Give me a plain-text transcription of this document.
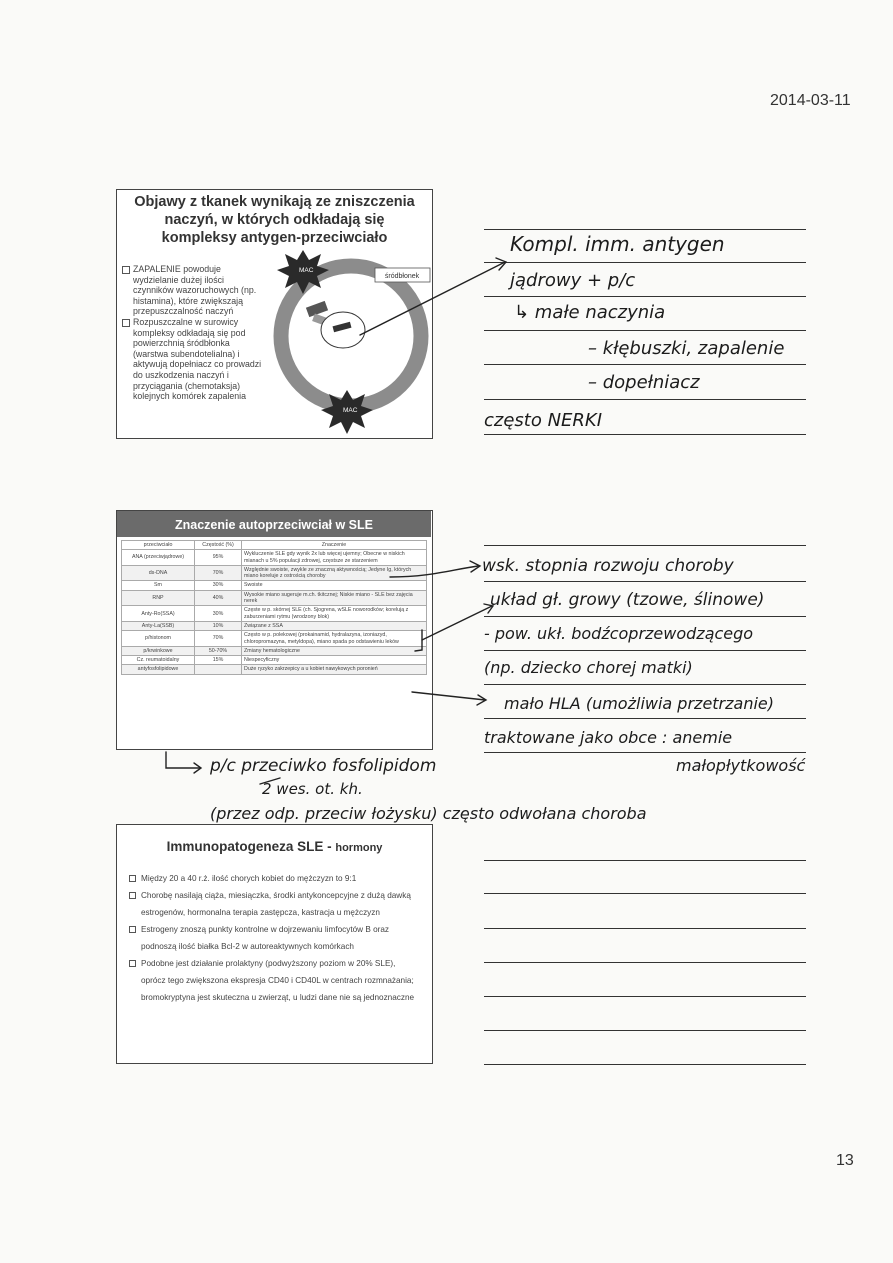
2014-03-11
Objawy z tkanek wynikają ze zniszczenia
naczyń, w których odkładają się
kompleksy antygen-przeciwciało
ZAPALENIE powoduje wydzielanie dużej ilości czynników wazoruchowych (np. histamina), które zwiększają przepuszczalność naczyń
Rozpuszczalne w surowicy kompleksy odkładają się pod powierzchnią śródbłonka (warstwa subendotelialna) i aktywują dopełniacz co prowadzi do uszkodzenia naczyń i przyciągania (chemotaksja) kolejnych komórek zapalenia
MAC
MAC
śródbłonek
Znaczenie autoprzeciwciał w SLE
przeciwciało	Częstość (%)	Znaczenie
ANA (przeciwjądrowe)	95%	Wykluczenie SLE gdy wynik 2x lub więcej ujemny; Obecne w niskich mianach u 5% populacji zdrowej, częstsze ze starzeniem
ds-DNA	70%	Względnie swoiste, zwykle ze znaczną aktywnością; Jedyne Ig, których miano koreluje z ostrością choroby
Sm	30%	Swoiste
RNP	40%	Wysokie miano sugeruje m.ch. tkitcznej; Niskie miano - SLE bez zajęcia nerek
Anty-Ro(SSA)	30%	Częste w p. skórnej SLE (ch. Sjogrena, wSLE noworodków; korelują z zaburzeniami rytmu (wrodzony blok)
Anty-La(SSB)	10%	Związane z SSA
p/histonom	70%	Często w p. polekowej (prokainamid, hydralazyna, izoniazyd, chloropromazyna, metyldopa), miano spada po odstawieniu leków
p/krwinkowe	50-70%	Zmiany hematologiczne
Cz. reumatoidalny	15%	Niespecyficzny
antyfosfolipidowe		Duże ryzyko zakrzepicy a u kobiet nawykowych poronień
Immunopatogeneza SLE - hormony
Między 20 a 40 r.ż. ilość chorych kobiet do mężczyzn to 9:1
Chorobę nasilają ciąża, miesiączka, środki antykoncepcyjne z dużą dawką estrogenów, hormonalna terapia zastępcza, kastracja u mężczyzn
Estrogeny znoszą punkty kontrolne w dojrzewaniu limfocytów B oraz podnoszą ilość białka Bcl-2 w autoreaktywnych komórkach
Podobne jest działanie prolaktyny (podwyższony poziom w 20% SLE), oprócz tego zwiększona ekspresja CD40 i CD40L w centrach rozmnażania; bromokryptyna jest skuteczna u zwierząt, u ludzi dane nie są jednoznaczne
Kompl. imm. antygen
jądrowy + p/c
↳ małe naczynia
– kłębuszki, zapalenie
– dopełniacz
często NERKI
wsk. stopnia rozwoju choroby
układ gł. growy (tzowe, ślinowe)
- pow. ukł. bodźcoprzewodzącego
(np. dziecko chorej matki)
mało HLA (umożliwia przetrzanie)
traktowane jako obce : anemie
małopłytkowość
p/c przeciwko fosfolipidom
2 wes. ot. kh.
(przez odp. przeciw łożysku) często odwołana choroba
13
